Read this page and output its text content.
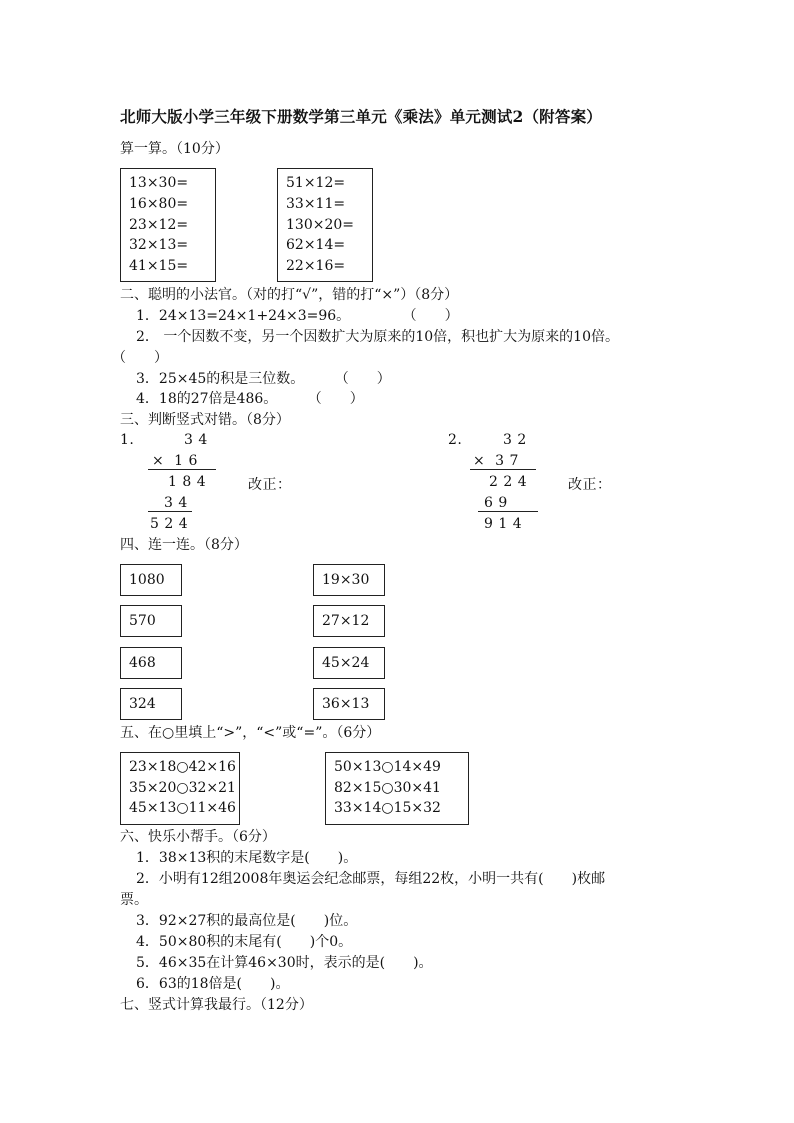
北师大版小学三年级下册数学第三单元《乘法》单元测试2（附答案）
算一算。（10分）
13×30=
16×80=
23×12=
32×13=
41×15=
51×12=
33×11=
130×20=
62×14=
22×16=
二、聪明的小法官。（对的打“√”，错的打“×”）（8分）
1．24×13=24×1+24×3=96。	（　　）
2． 一个因数不变，另一个因数扩大为原来的10倍，积也扩大为原来的10倍。
（　　）
3．25×45的积是三位数。 （　　）
4．18的27倍是486。 （　　）
三、判断竖式对错。（8分）
1.	3 4
×  1 6
1 8 4
3 4
5 2 4
改正：
2.	3 2
×  3 7
2 2 4
6 9
9 1 4
改正：
四、连一连。（8分）
1080
570
468
324
19×30
27×12
45×24
36×13
五、在○里填上“>”，“<”或“=”。（6分）
23×18○42×16
35×20○32×21
45×13○11×46
50×13○14×49
82×15○30×41
33×14○15×32
六、快乐小帮手。（6分）
1．38×13积的末尾数字是(　　)。
2．小明有12组2008年奥运会纪念邮票，每组22枚，小明一共有(　　)枚邮
票。
3．92×27积的最高位是(　　)位。
4．50×80积的末尾有(　　)个0。
5．46×35在计算46×30时，表示的是(　　)。
6．63的18倍是(　　)。
七、竖式计算我最行。（12分）
